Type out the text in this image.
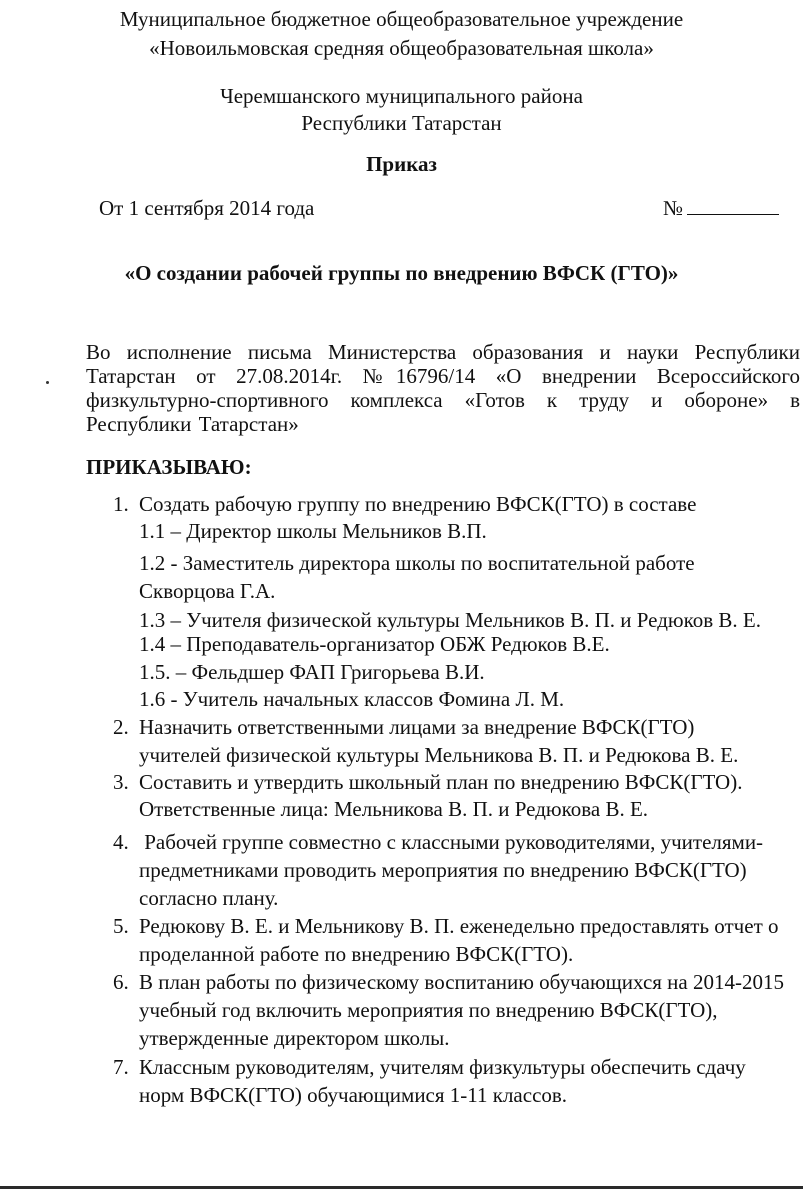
Муниципальное бюджетное общеобразовательное учреждение
«Новоильмовская средняя общеобразовательная школа»
Черемшанского муниципального района
Республики Татарстан
Приказ
От 1 сентября 2014 года	№
«О создании рабочей группы по внедрению ВФСК (ГТО)»
Во исполнение письма Министерства образования и науки Республики Татарстан от 27.08.2014г. №16796/14 «О внедрении Всероссийского физкультурно-спортивного комплекса «Готов к труду и обороне» в Республики Татарстан»
ПРИКАЗЫВАЮ:
1. Создать рабочую группу по внедрению ВФСК(ГТО) в составе
1.1 – Директор школы Мельников В.П.
1.2 - Заместитель директора школы по воспитательной работе
Скворцова Г.А.
1.3 – Учителя физической культуры Мельников В. П. и Редюков В. Е.
1.4 – Преподаватель-организатор ОБЖ Редюков В.Е.
1.5. – Фельдшер ФАП Григорьева В.И.
1.6 - Учитель начальных классов Фомина Л. М.
2. Назначить ответственными лицами за внедрение ВФСК(ГТО)
учителей физической культуры Мельникова В. П. и Редюкова В. Е.
3. Составить и утвердить школьный план по внедрению ВФСК(ГТО).
Ответственные лица: Мельникова В. П. и Редюкова В. Е.
4. Рабочей группе совместно с классными руководителями, учителями-
предметниками проводить мероприятия по внедрению ВФСК(ГТО)
согласно плану.
5. Редюкову В. Е. и Мельникову В. П. еженедельно предоставлять отчет о
проделанной работе по внедрению ВФСК(ГТО).
6. В план работы по физическому воспитанию обучающихся на 2014-2015
учебный год включить мероприятия по внедрению ВФСК(ГТО),
утвержденные директором школы.
7. Классным руководителям, учителям физкультуры обеспечить сдачу
норм ВФСК(ГТО) обучающимися 1-11 классов.
